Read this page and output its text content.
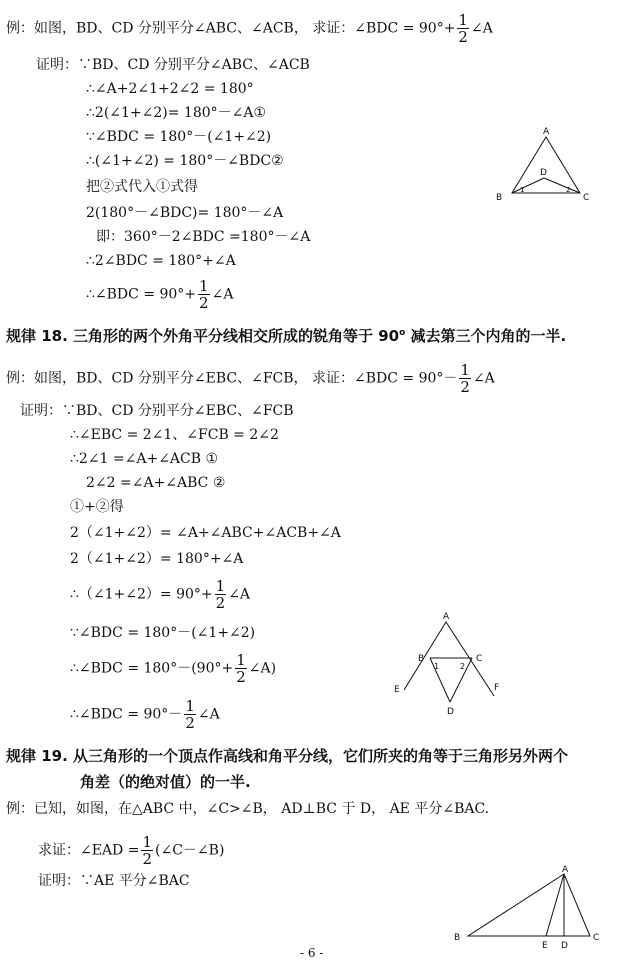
例：如图，BD、CD 分别平分∠ABC、∠ACB， 求证：∠BDC = $90^\circ+ \frac{1}{2}$ ∠A
证明：∵BD、CD 分别平分∠ABC、∠ACB
∴∠A+2∠1+2∠2 = 180°
∴2(∠1+∠2)= 180°－∠A①
∵∠BDC = 180°－(∠1+∠2)
∴(∠1+∠2) = 180°－∠BDC②
把②式代入①式得
2(180°－∠BDC)= 180°－∠A
即：360°－2∠BDC =180°－∠A
∴2∠BDC = 180°+∠A
∴∠BDC = $90^\circ+ \frac{1}{2}$ ∠A
A
B	C
D
1	2
规律 18. 三角形的两个外角平分线相交所成的锐角等于 90$^o$ 减去第三个内角的一半.
例：如图，BD、CD 分别平分∠EBC、∠FCB， 求证：∠BDC = $90^\circ- \frac{1}{2}$ ∠A
证明：∵BD、CD 分别平分∠EBC、∠FCB
∴∠EBC = 2∠1、∠FCB = 2∠2
∴2∠1 =∠A+∠ACB ①
2∠2 =∠A+∠ABC ②
①+②得
2（∠1+∠2）= ∠A+∠ABC+∠ACB+∠A
2（∠1+∠2）= 180°+∠A
∴（∠1+∠2）= $90^\circ+ \frac{1}{2}$ ∠A
∵∠BDC = 180°－(∠1+∠2)
∴∠BDC = $180^\circ-(90^\circ+ \frac{1}{2}$ ∠A)
∴∠BDC = $90^\circ- \frac{1}{2}$ ∠A
A
B	C
D
E	F
1	2
规律 19. 从三角形的一个顶点作高线和角平分线，它们所夹的角等于三角形另外两个
角差（的绝对值）的一半.
例：已知，如图，在△ABC 中，∠C>∠B， AD⊥BC 于 D， AE 平分∠BAC.
求证：∠EAD = $\frac{1}{2}$ (∠C－∠B)
证明：∵AE 平分∠BAC
A
B	C
D
E
- 6 -
